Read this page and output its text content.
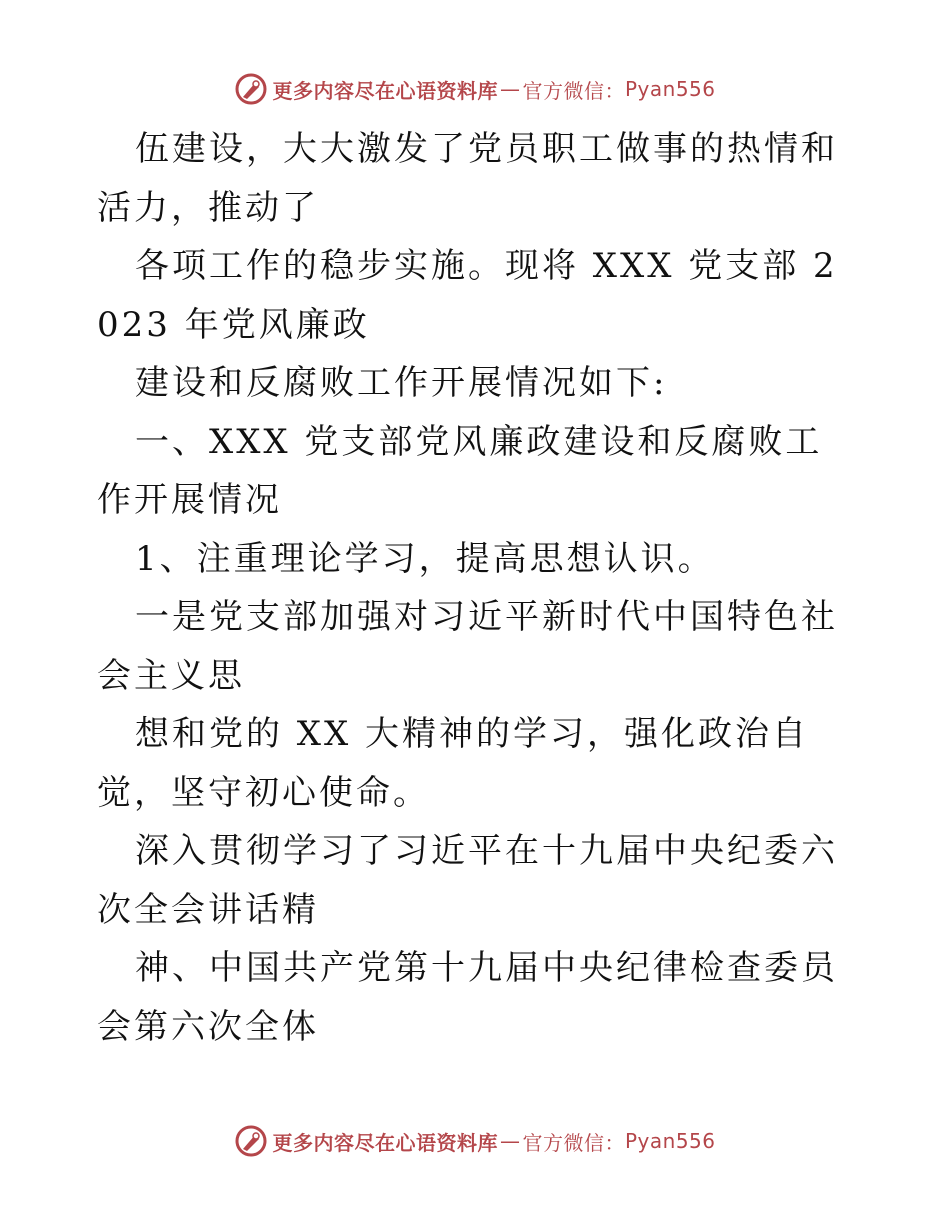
更多内容尽在心语资料库 — 官方微信： Pyan556

伍建设，大大激发了党员职工做事的热情和活力，推动了

各项工作的稳步实施。现将 XXX 党支部 2023 年党风廉政

建设和反腐败工作开展情况如下:

一、XXX 党支部党风廉政建设和反腐败工作开展情况

1、注重理论学习，提高思想认识。

一是党支部加强对习近平新时代中国特色社会主义思

想和党的 XX 大精神的学习，强化政治自觉，坚守初心使命。

深入贯彻学习了习近平在十九届中央纪委六次全会讲话精

神、中国共产党第十九届中央纪律检查委员会第六次全体

更多内容尽在心语资料库 — 官方微信： Pyan556
